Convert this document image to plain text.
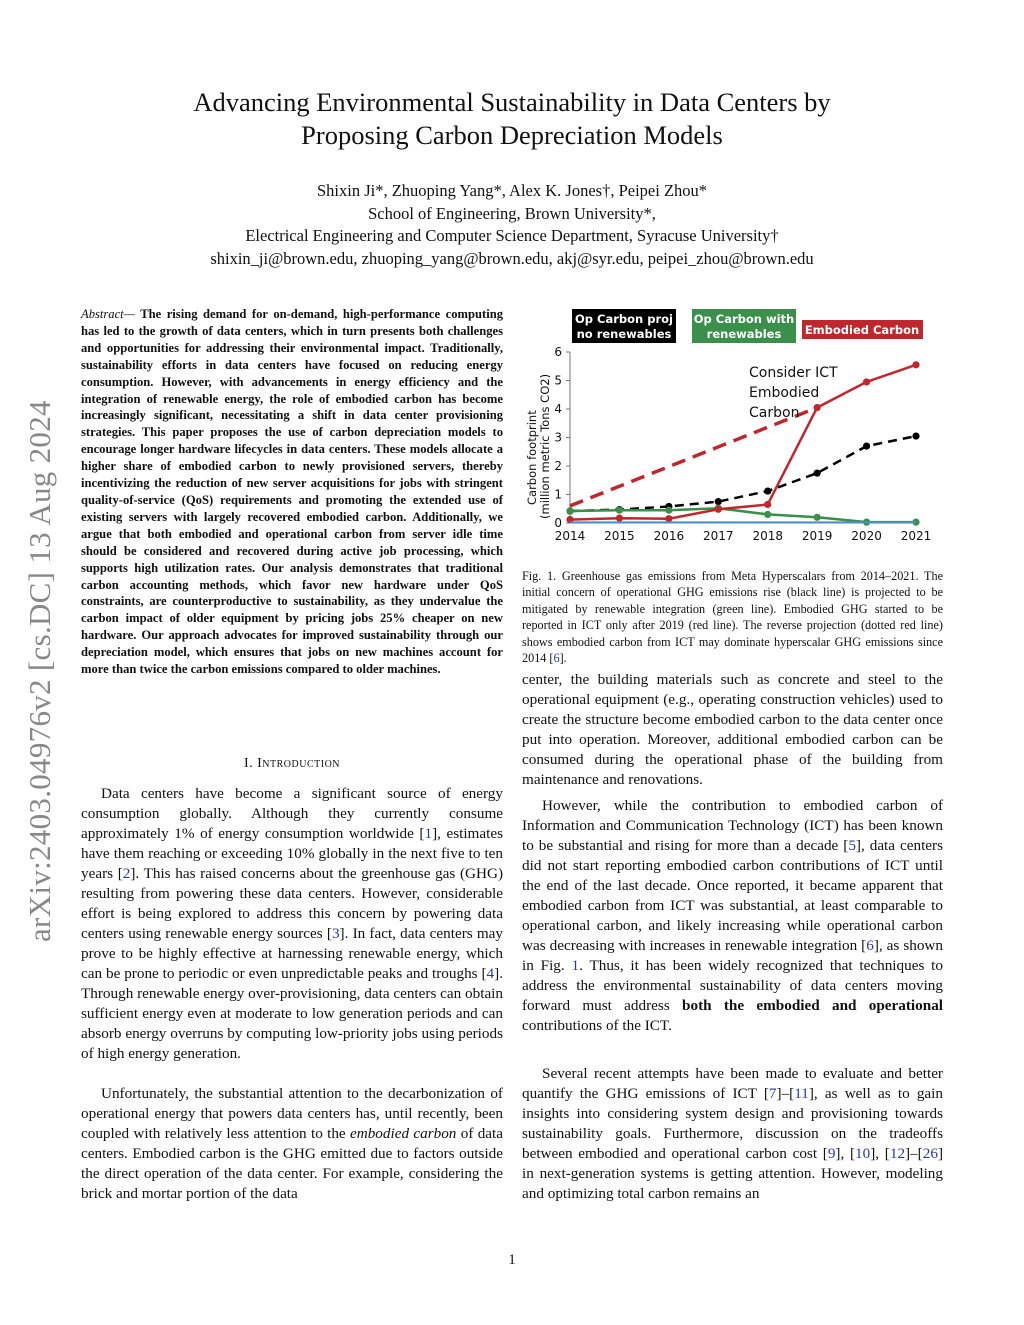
arXiv:2403.04976v2 [cs.DC] 13 Aug 2024
Advancing Environmental Sustainability in Data Centers by
Proposing Carbon Depreciation Models
Shixin Ji*, Zhuoping Yang*, Alex K. Jones†, Peipei Zhou*
School of Engineering, Brown University*,
Electrical Engineering and Computer Science Department, Syracuse University†
shixin_ji@brown.edu, zhuoping_yang@brown.edu, akj@syr.edu, peipei_zhou@brown.edu
Abstract— The rising demand for on-demand, high-performance computing has led to the growth of data centers, which in turn presents both challenges and opportunities for addressing their environmental impact. Traditionally, sustainability efforts in data centers have focused on reducing energy consumption. However, with advancements in energy efficiency and the integration of renewable energy, the role of embodied carbon has become increasingly significant, necessitating a shift in data center provisioning strategies. This paper proposes the use of carbon depreciation models to encourage longer hardware lifecycles in data centers. These models allocate a higher share of embodied carbon to newly provisioned servers, thereby incentivizing the reduction of new server acquisitions for jobs with stringent quality-of-service (QoS) requirements and promoting the extended use of existing servers with largely recovered embodied carbon. Additionally, we argue that both embodied and operational carbon from server idle time should be considered and recovered during active job processing, which supports high utilization rates. Our analysis demonstrates that traditional carbon accounting methods, which favor new hardware under QoS constraints, are counterproductive to sustainability, as they undervalue the carbon impact of older equipment by pricing jobs 25% cheaper on new hardware. Our approach advocates for improved sustainability through our depreciation model, which ensures that jobs on new machines account for more than twice the carbon emissions compared to older machines.
I. Introduction

Data centers have become a significant source of energy consumption globally. Although they currently consume approximately 1% of energy consumption worldwide [1], estimates have them reaching or exceeding 10% globally in the next five to ten years [2]. This has raised concerns about the greenhouse gas (GHG) resulting from powering these data centers. However, considerable effort is being explored to address this concern by powering data centers using renewable energy sources [3]. In fact, data centers may prove to be highly effective at harnessing renewable energy, which can be prone to periodic or even unpredictable peaks and troughs [4]. Through renewable energy over-provisioning, data centers can obtain sufficient energy even at moderate to low generation periods and can absorb energy overruns by computing low-priority jobs using periods of high energy generation.

Unfortunately, the substantial attention to the decarbonization of operational energy that powers data centers has, until recently, been coupled with relatively less attention to the embodied carbon of data centers. Embodied carbon is the GHG emitted due to factors outside the direct operation of the data center. For example, considering the brick and mortar portion of the data

Op Carbon proj
no renewables
Op Carbon with
renewables Embodied Carbon
0
1
2
3
4
5
6
2014 2015 2016 2017 2018 2019 2020 2021
Consider ICT
Embodied
Carbon
Carbon footprint (million metric Tons CO2)
Fig. 1. Greenhouse gas emissions from Meta Hyperscalars from 2014–2021. The initial concern of operational GHG emissions rise (black line) is projected to be mitigated by renewable integration (green line). Embodied GHG started to be reported in ICT only after 2019 (red line). The reverse projection (dotted red line) shows embodied carbon from ICT may dominate hyperscalar GHG emissions since 2014 [6].
center, the building materials such as concrete and steel to the operational equipment (e.g., operating construction vehicles) used to create the structure become embodied carbon to the data center once put into operation. Moreover, additional embodied carbon can be consumed during the operational phase of the building from maintenance and renovations.

However, while the contribution to embodied carbon of Information and Communication Technology (ICT) has been known to be substantial and rising for more than a decade [5], data centers did not start reporting embodied carbon contributions of ICT until the end of the last decade. Once reported, it became apparent that embodied carbon from ICT was substantial, at least comparable to operational carbon, and likely increasing while operational carbon was decreasing with increases in renewable integration [6], as shown in Fig. 1. Thus, it has been widely recognized that techniques to address the environmental sustainability of data centers moving forward must address both the embodied and operational contributions of the ICT.

Several recent attempts have been made to evaluate and better quantify the GHG emissions of ICT [7]–[11], as well as to gain insights into considering system design and provisioning towards sustainability goals. Furthermore, discussion on the tradeoffs between embodied and operational carbon cost [9], [10], [12]–[26] in next-generation systems is getting attention. However, modeling and optimizing total carbon remains an

1
